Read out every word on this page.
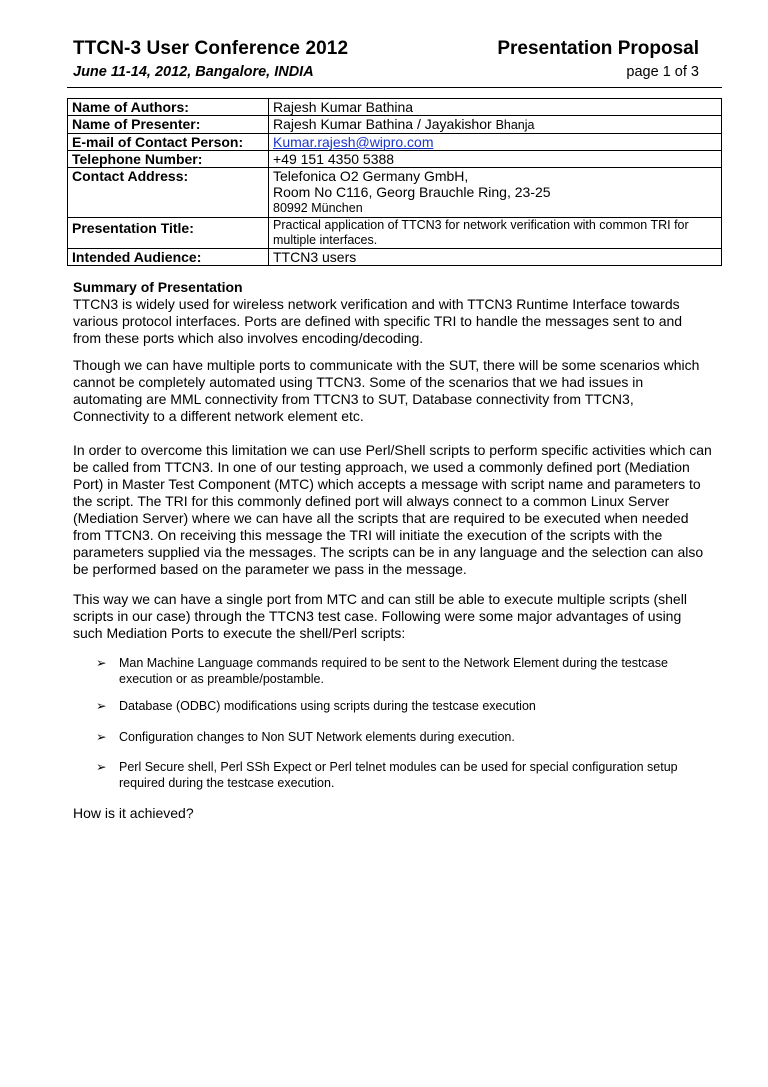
TTCN-3 User Conference 2012	Presentation Proposal
June 11-14, 2012, Bangalore, INDIA	page 1 of 3
Name of Authors:	Rajesh Kumar Bathina
Name of Presenter:	Rajesh Kumar Bathina / Jayakishor Bhanja
E-mail of Contact Person:	Kumar.rajesh@wipro.com
Telephone Number:	+49 151 4350 5388
Contact Address:	Telefonica O2 Germany GmbH,
Room No C116, Georg Brauchle Ring, 23-25
80992 München

Presentation Title:	Practical application of TTCN3 for network verification with common TRI for multiple interfaces.
Intended Audience:	TTCN3 users
Summary of Presentation
TTCN3 is widely used for wireless network verification and with TTCN3 Runtime Interface towards various protocol interfaces. Ports are defined with specific TRI to handle the messages sent to and from these ports which also involves encoding/decoding.
Though we can have multiple ports to communicate with the SUT, there will be some scenarios which cannot be completely automated using TTCN3. Some of the scenarios that we had issues in automating are MML connectivity from TTCN3 to SUT, Database connectivity from TTCN3, Connectivity to a different network element etc.
In order to overcome this limitation we can use Perl/Shell scripts to perform specific activities which can be called from TTCN3. In one of our testing approach, we used a commonly defined port (Mediation Port) in Master Test Component (MTC) which accepts a message with script name and parameters to the script. The TRI for this commonly defined port will always connect to a common Linux Server (Mediation Server) where we can have all the scripts that are required to be executed when needed from TTCN3. On receiving this message the TRI will initiate the execution of the scripts with the parameters supplied via the messages. The scripts can be in any language and the selection can also be performed based on the parameter we pass in the message.
This way we can have a single port from MTC and can still be able to execute multiple scripts (shell scripts in our case) through the TTCN3 test case. Following were some major advantages of using such Mediation Ports to execute the shell/Perl scripts:
➢ Man Machine Language commands required to be sent to the Network Element during the testcase execution or as preamble/postamble.
➢ Database (ODBC) modifications using scripts during the testcase execution
➢ Configuration changes to Non SUT Network elements during execution.
➢ Perl Secure shell, Perl SSh Expect or Perl telnet modules can be used for special configuration setup required during the testcase execution.
How is it achieved?
